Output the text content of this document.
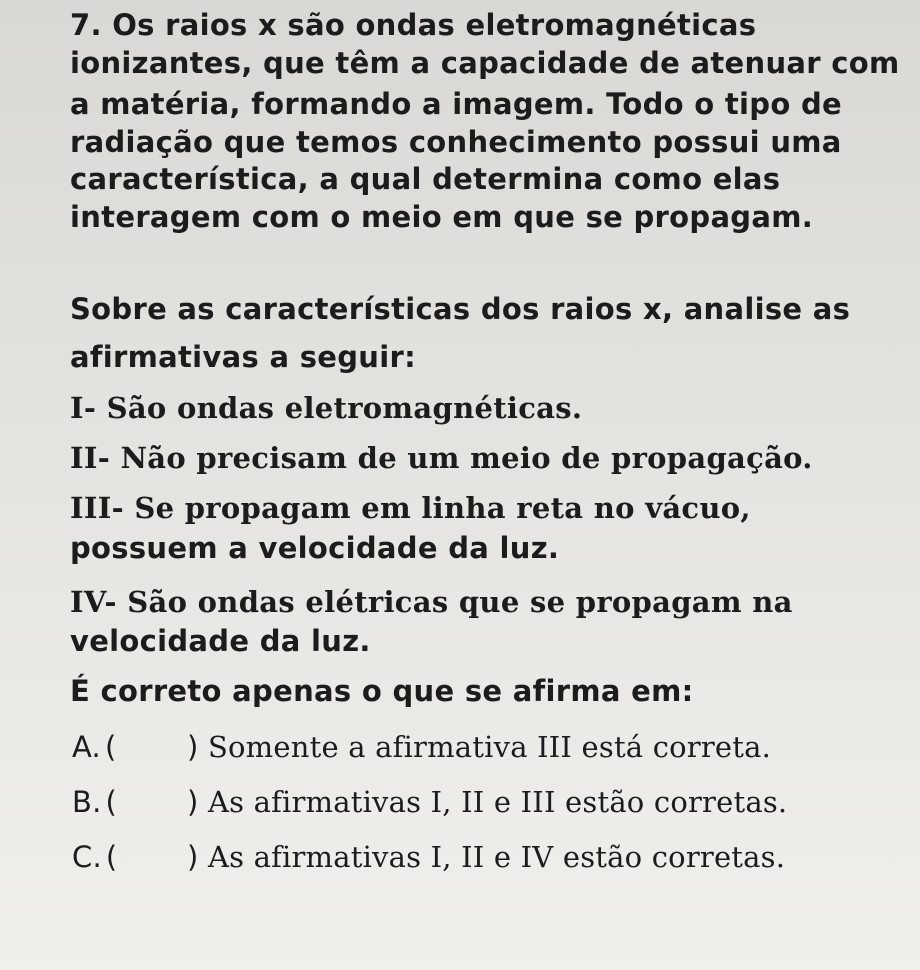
7. Os raios x são ondas eletromagnéticas
ionizantes, que têm a capacidade de atenuar com
a matéria, formando a imagem. Todo o tipo de
radiação que temos conhecimento possui uma
característica, a qual determina como elas
interagem com o meio em que se propagam.
Sobre as características dos raios x, analise as
afirmativas a seguir:
I- São ondas eletromagnéticas.
II- Não precisam de um meio de propagação.
III- Se propagam em linha reta no vácuo,
possuem a velocidade da luz.
IV- São ondas elétricas que se propagam na
velocidade da luz.
É correto apenas o que se afirma em:
A. ( ) Somente a afirmativa III está correta.
B. ( ) As afirmativas I, II e III estão corretas.
C. ( ) As afirmativas I, II e IV estão corretas.
